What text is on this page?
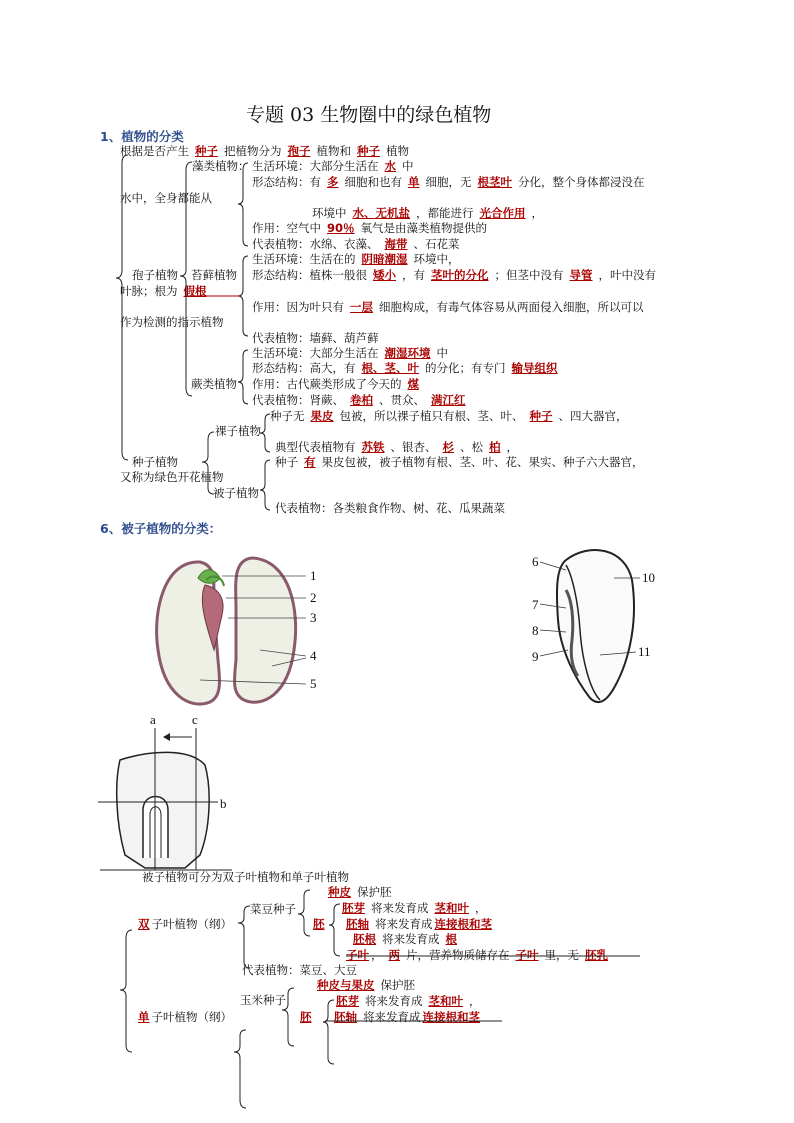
专题 03 生物圈中的绿色植物
1、植物的分类
根据是否产生 种子 把植物分为 孢子 植物和 种子 植物
藻类植物： 生活环境：大部分生活在 水 中
形态结构：有 多 细胞和也有 单 细胞，无 根茎叶 分化，整个身体都浸没在
水中，全身都能从
环境中 水、无机盐 ，都能进行 光合作用 ，
作用：空气中 90％ 氧气是由藻类植物提供的
代表植物：水绵、衣藻、 海带 、石花菜
生活环境：生活在的 阴暗潮湿 环境中，
孢子植物 苔藓植物 形态结构：植株一般很 矮小 ，有 茎叶的分化 ；但茎中没有 导管 ，叶中没有
叶脉；根为 假根
作用：因为叶只有 一层 细胞构成，有毒气体容易从两面侵入细胞，所以可以
作为检测的指示植物
代表植物：墙藓、葫芦藓
生活环境：大部分生活在 潮湿环境 中
形态结构：高大，有 根、茎、叶 的分化；有专门 输导组织
蕨类植物 作用：古代蕨类形成了今天的 煤
代表植物：肾蕨、 卷柏 、贯众、 满江红
种子无 果皮 包被，所以裸子植只有根、茎、叶、 种子 、四大器官，
裸子植物
典型代表植物有 苏铁 、银杏、 杉 、松 柏 ，
种子植物	种子 有 果皮包被，被子植物有根、茎、叶、花、果实、种子六大器官，
又称为绿色开花植物
被子植物
代表植物：各类粮食作物、树、花、瓜果蔬菜
6、被子植物的分类：
被子植物可分为双子叶植物和单子叶植物
种皮 保护胚
菜豆种子	胚芽 将来发育成 茎和叶 ，
双 子叶植物（纲）	胚	胚轴 将来发育成 连接根和茎
胚根 将来发育成 根
子叶 ， 两 片，营养物质储存在 子叶 里，无 胚乳
代表植物：菜豆、大豆
种皮与果皮 保护胚
玉米种子	胚芽 将来发育成 茎和叶 ，
单 子叶植物（纲）	胚	胚轴 将来发育成 连接根和茎
1
2
3
4
5
6
7
8
9
10
11
a	c
b
